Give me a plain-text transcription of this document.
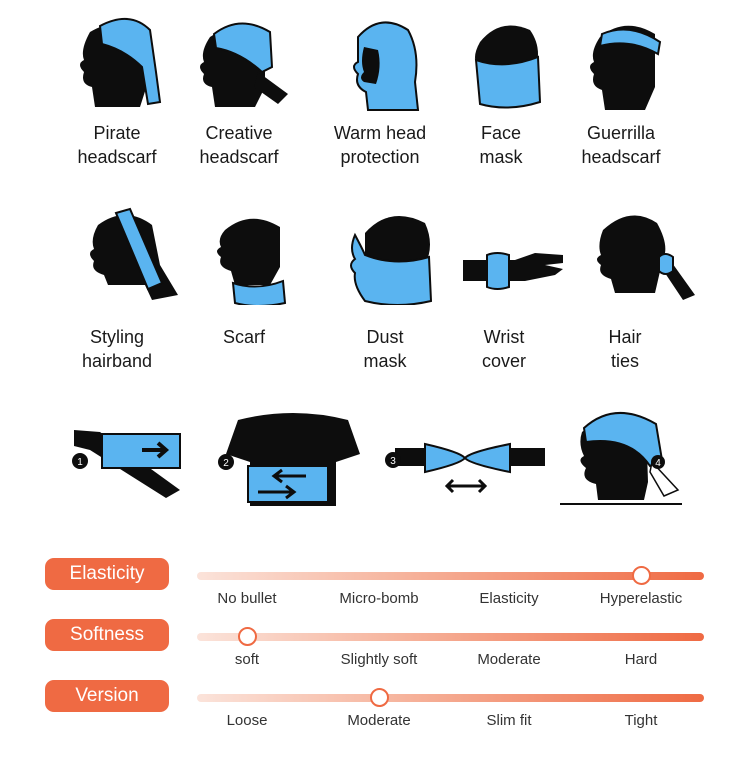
Pirate
headscarf
Creative
headscarf
Warm head
protection
Face
mask
Guerrilla
headscarf
Styling
hairband
Scarf	Dust
mask
Wrist
cover
Hair
ties
1	2	3	4
Elasticity
No bullet	Micro-bomb	Elasticity	Hyperelastic
Softness
soft	Slightly soft	Moderate	Hard
Version
Loose	Moderate	Slim fit	Tight
